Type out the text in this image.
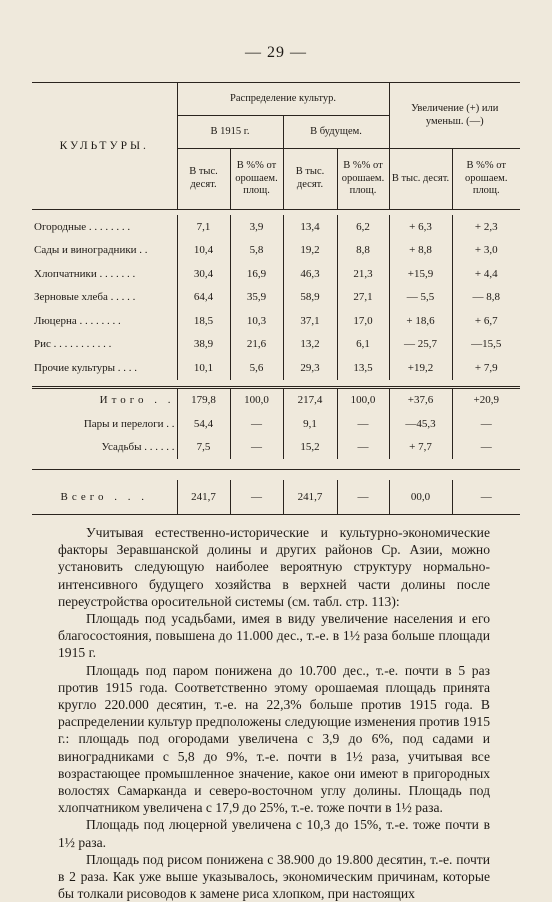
— 29 —
КУЛЬТУРЫ.	Распределение культур.				Увеличение (+) или уменьш. (—)	
	В 1915 г.		В будущем.			
	В тыс. десят.	В %% от орошаем. площ.	В тыс. десят.	В %% от орошаем. площ.	В тыс. десят.	В %% от орошаем. площ.

Огородные . . . . . . . .	7,1	3,9	13,4	6,2	+ 6,3	+ 2,3
Сады и виноградники . .	10,4	5,8	19,2	8,8	+ 8,8	+ 3,0
Хлопчатники . . . . . . .	30,4	16,9	46,3	21,3	+15,9	+ 4,4
Зерновые хлеба . . . . .	64,4	35,9	58,9	27,1	— 5,5	— 8,8
Люцерна . . . . . . . .	18,5	10,3	37,1	17,0	+ 18,6	+ 6,7
Рис . . . . . . . . . . .	38,9	21,6	13,2	6,1	— 25,7	—15,5
Прочие культуры . . . .	10,1	5,6	29,3	13,5	+19,2	+ 7,9

Итого . .	179,8	100,0	217,4	100,0	+37,6	+20,9
Пары и перелоги . .	54,4	—	9,1	—	—45,3	—
Усадьбы . . . . . .	7,5	—	15,2	—	+ 7,7	—

Всего . . .	241,7	—	241,7	—	00,0	—

Учитывая естественно-исторические и культурно-экономические факторы Зеравшанской долины и других районов Ср. Азии, можно установить следующую наиболее вероятную структуру нормально-интенсивного будущего хозяйства в верхней части долины после переустройства оросительной системы (см. табл. стр. 113):

Площадь под усадьбами, имея в виду увеличение населения и его благосостояния, повышена до 11.000 дес., т.-е. в 1½ раза больше площади 1915 г.

Площадь под паром понижена до 10.700 дес., т.-е. почти в 5 раз против 1915 года. Соответственно этому орошаемая площадь принята кругло 220.000 десятин, т.-е. на 22,3% больше против 1915 года. В распределении культур предположены следующие изменения против 1915 г.: площадь под огородами увеличена с 3,9 до 6%, под садами и виноградниками с 5,8 до 9%, т.-е. почти в 1½ раза, учитывая все возрастающее промышленное значение, какое они имеют в пригородных волостях Самарканда и северо-восточном углу долины. Площадь под хлопчатником увеличена с 17,9 до 25%, т.-е. тоже почти в 1½ раза.

Площадь под люцерной увеличена с 10,3 до 15%, т.-е. тоже почти в 1½ раза.

Площадь под рисом понижена с 38.900 до 19.800 десятин, т.-е. почти в 2 раза. Как уже выше указывалось, экономическим причинам, которые бы толкали рисоводов к замене риса хлопком, при настоящих
